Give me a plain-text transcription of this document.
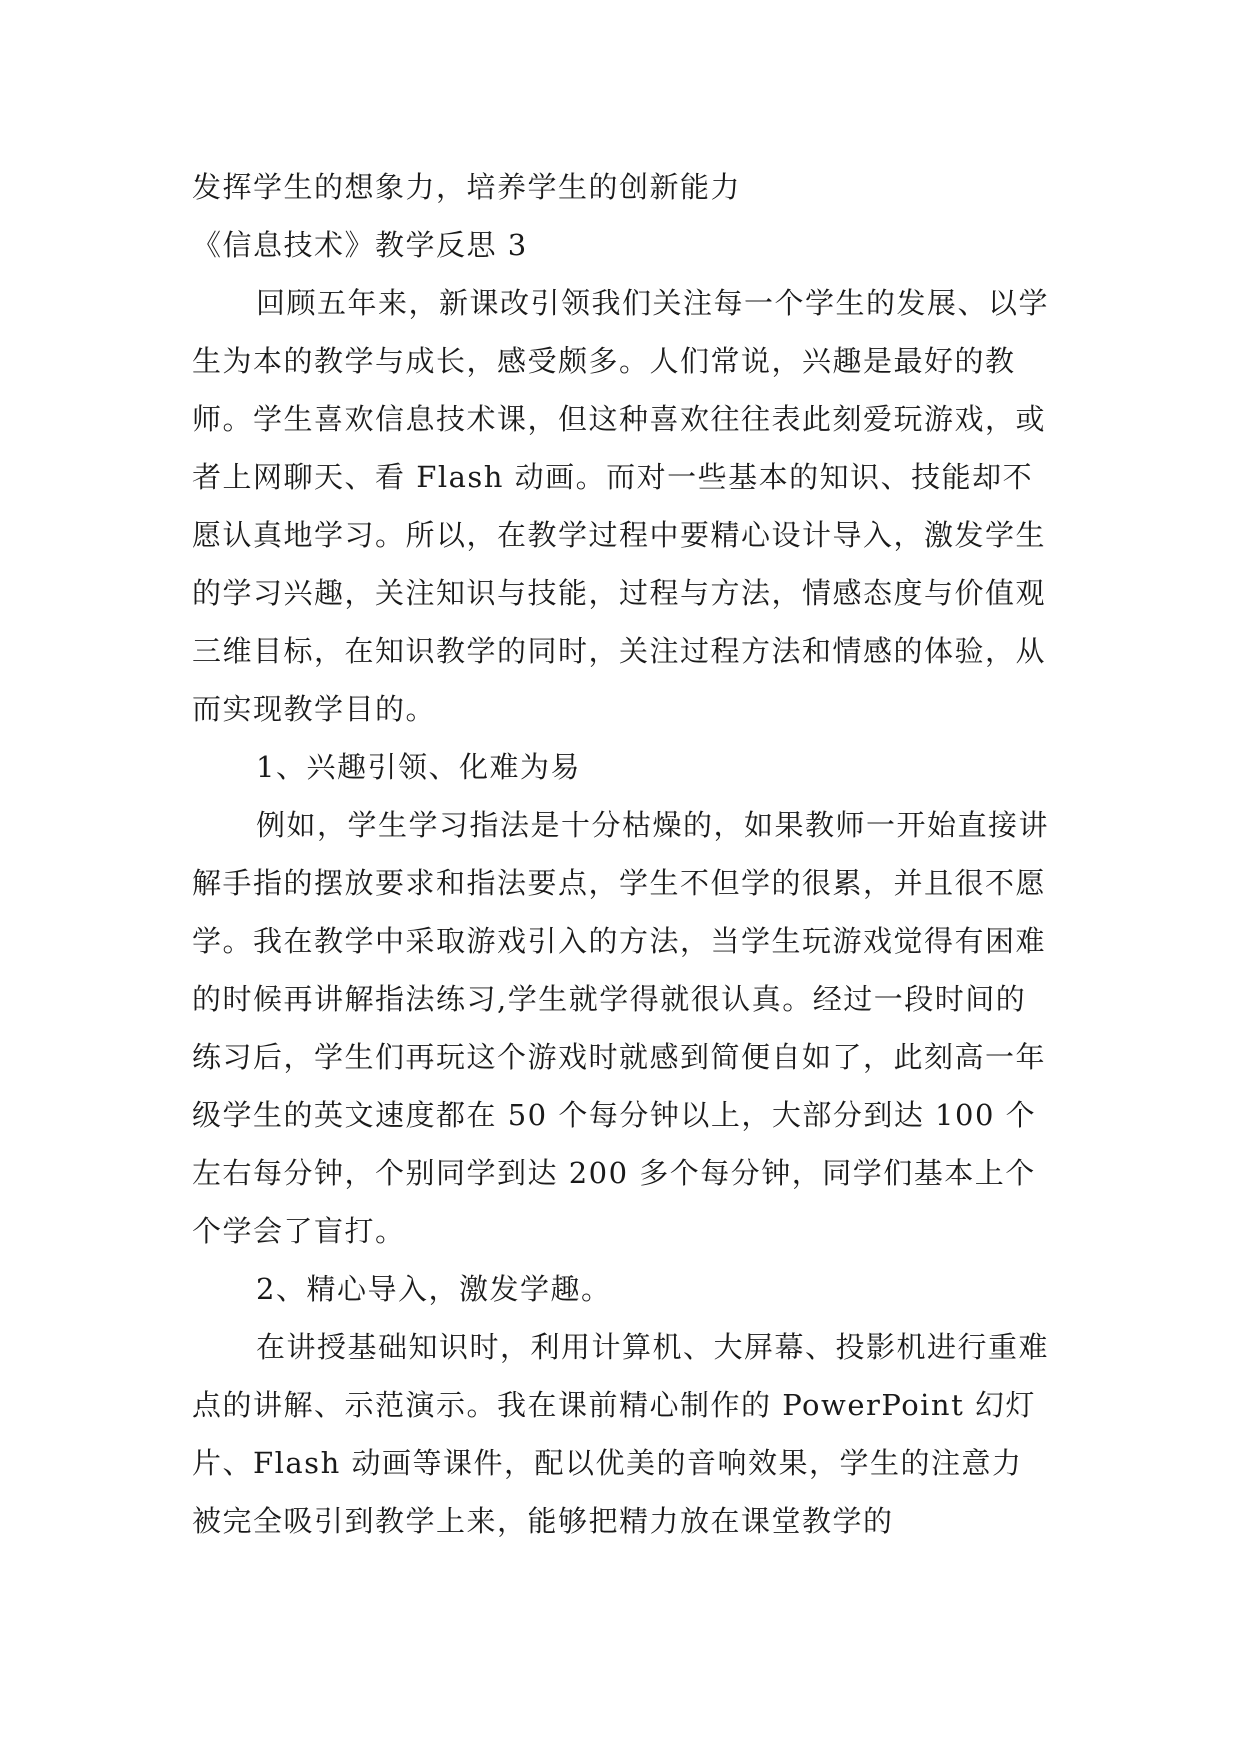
发挥学生的想象力，培养学生的创新能力

《信息技术》教学反思 3

回顾五年来，新课改引领我们关注每一个学生的发展、以学生为本的教学与成长，感受颇多。人们常说，兴趣是最好的教师。学生喜欢信息技术课，但这种喜欢往往表此刻爱玩游戏，或者上网聊天、看 Flash 动画。而对一些基本的知识、技能却不愿认真地学习。所以，在教学过程中要精心设计导入，激发学生的学习兴趣，关注知识与技能，过程与方法，情感态度与价值观三维目标，在知识教学的同时，关注过程方法和情感的体验，从而实现教学目的。

1、兴趣引领、化难为易

例如，学生学习指法是十分枯燥的，如果教师一开始直接讲解手指的摆放要求和指法要点，学生不但学的很累，并且很不愿学。我在教学中采取游戏引入的方法，当学生玩游戏觉得有困难的时候再讲解指法练习,学生就学得就很认真。经过一段时间的练习后，学生们再玩这个游戏时就感到简便自如了，此刻高一年级学生的英文速度都在 50 个每分钟以上，大部分到达 100 个左右每分钟，个别同学到达 200 多个每分钟，同学们基本上个个学会了盲打。

2、精心导入，激发学趣。

在讲授基础知识时，利用计算机、大屏幕、投影机进行重难点的讲解、示范演示。我在课前精心制作的 PowerPoint 幻灯片、Flash 动画等课件，配以优美的音响效果，学生的注意力被完全吸引到教学上来，能够把精力放在课堂教学的
